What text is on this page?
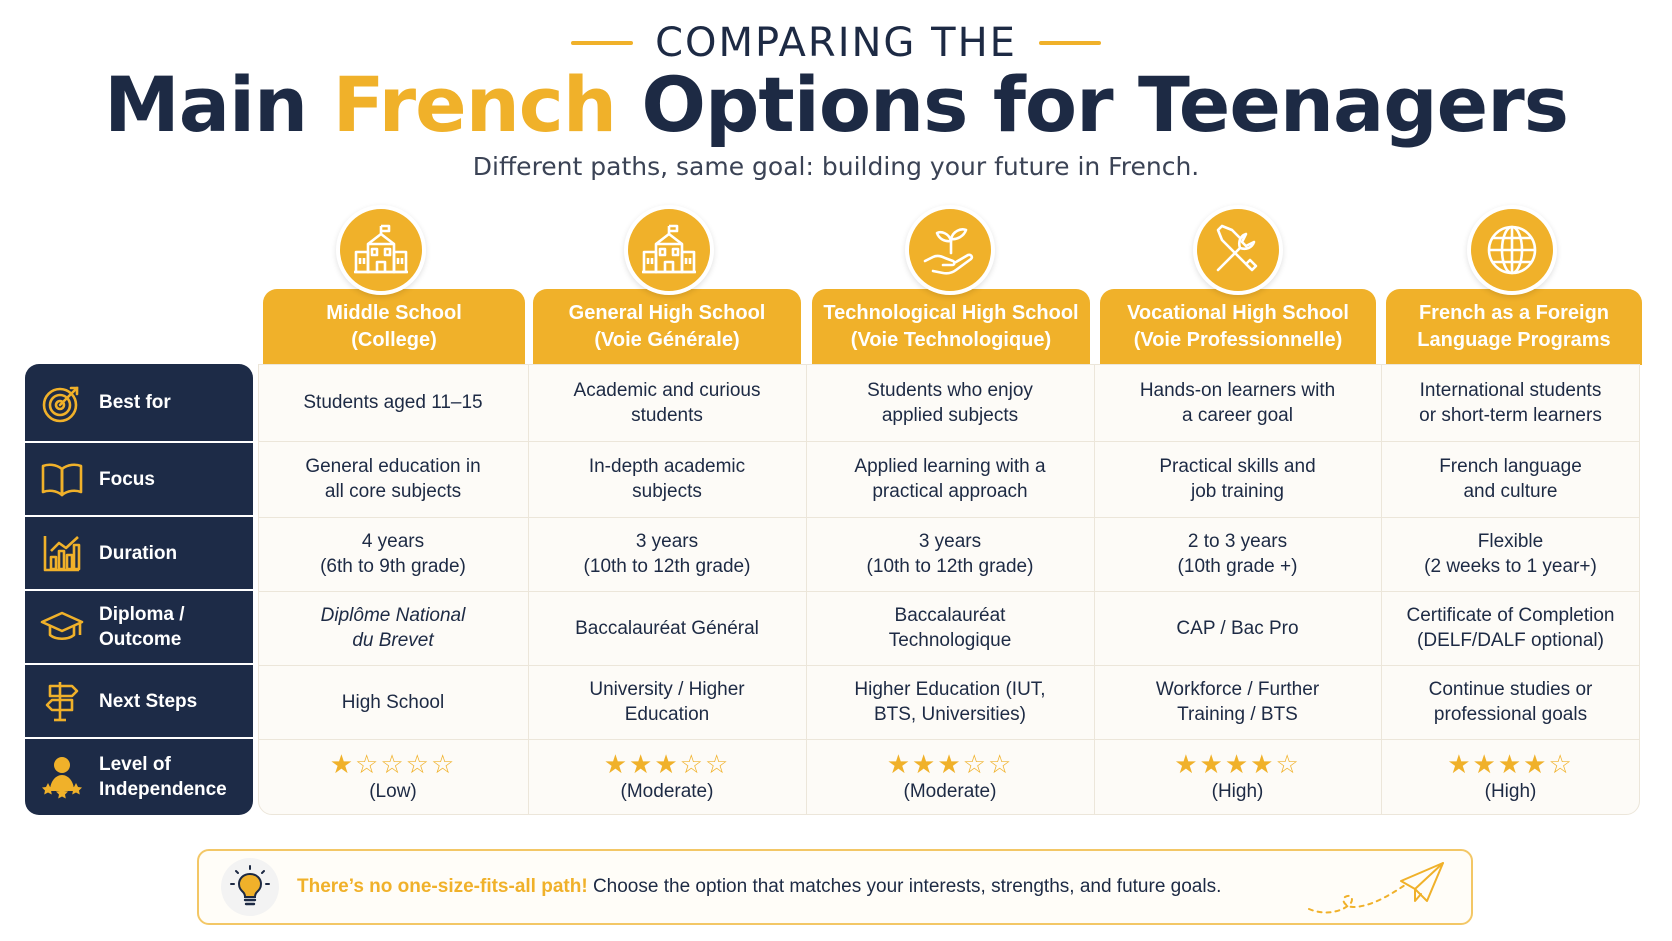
COMPARING THE
Main French Options for Teenagers
Different paths, same goal: building your future in French.
Middle School
(College)
General High School
(Voie Générale)
Technological High School
(Voie Technologique)
Vocational High School
(Voie Professionnelle)
French as a Foreign
Language Programs
Best for
Focus
Duration
Diploma /
Outcome
Next Steps
Level of
Independence
Students aged 11–15
Academic and curious
students
Students who enjoy
applied subjects
Hands-on learners with
a career goal
International students
or short-term learners
General education in
all core subjects
In-depth academic
subjects
Applied learning with a
practical approach
Practical skills and
job training
French language
and culture
4 years
(6th to 9th grade)
3 years
(10th to 12th grade)
3 years
(10th to 12th grade)
2 to 3 years
(10th grade +)
Flexible
(2 weeks to 1 year+)
Diplôme National
du Brevet
Baccalauréat Général
Baccalauréat
Technologique
CAP / Bac Pro
Certificate of Completion
(DELF/DALF optional)
High School
University / Higher
Education
Higher Education (IUT,
BTS, Universities)
Workforce / Further
Training / BTS
Continue studies or
professional goals
★☆☆☆☆
(Low)
★★★☆☆
(Moderate)
★★★☆☆
(Moderate)
★★★★☆
(High)
★★★★☆
(High)
There’s no one-size-fits-all path! Choose the option that matches your interests, strengths, and future goals.
